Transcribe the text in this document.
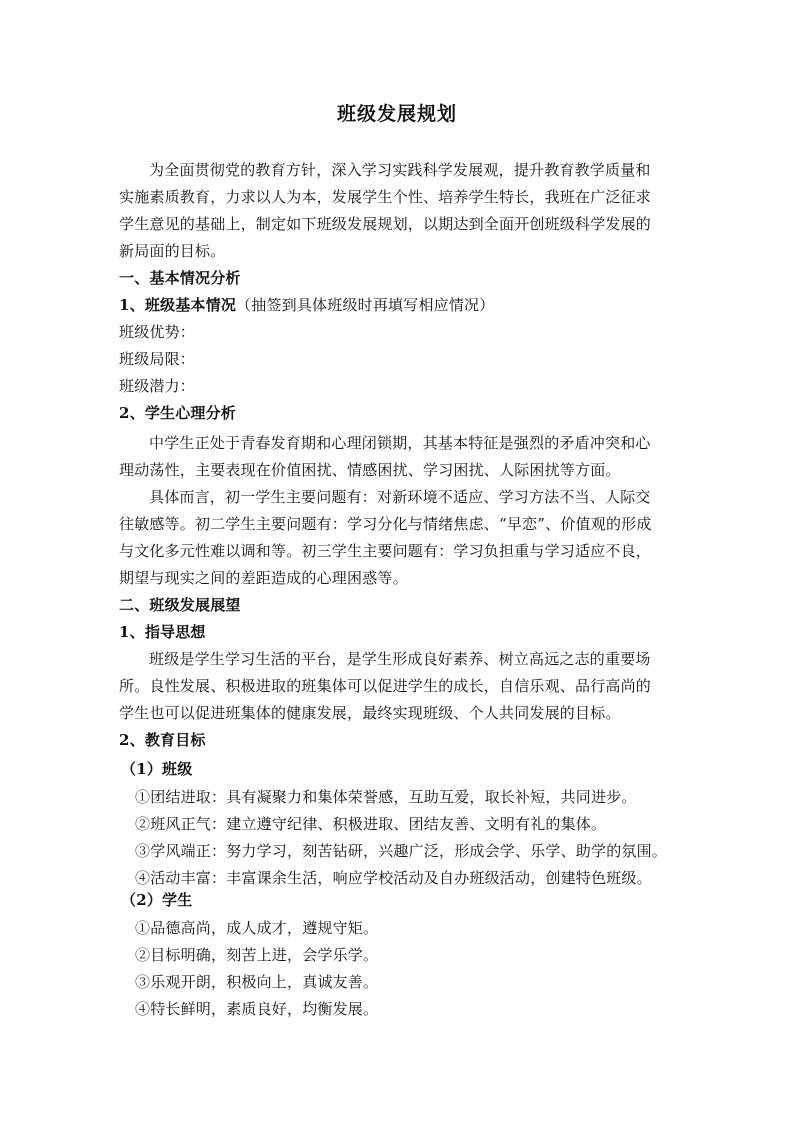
班级发展规划
为全面贯彻党的教育方针，深入学习实践科学发展观，提升教育教学质量和
实施素质教育，力求以人为本，发展学生个性、培养学生特长，我班在广泛征求
学生意见的基础上，制定如下班级发展规划，以期达到全面开创班级科学发展的
新局面的目标。
一、基本情况分析
1、班级基本情况（抽签到具体班级时再填写相应情况）
班级优势：
班级局限：
班级潜力：
2、学生心理分析
中学生正处于青春发育期和心理闭锁期，其基本特征是强烈的矛盾冲突和心
理动荡性，主要表现在价值困扰、情感困扰、学习困扰、人际困扰等方面。
具体而言，初一学生主要问题有：对新环境不适应、学习方法不当、人际交
往敏感等。初二学生主要问题有：学习分化与情绪焦虑、“早恋”、价值观的形成
与文化多元性难以调和等。初三学生主要问题有：学习负担重与学习适应不良，
期望与现实之间的差距造成的心理困惑等。
二、班级发展展望
1、指导思想
班级是学生学习生活的平台，是学生形成良好素养、树立高远之志的重要场
所。良性发展、积极进取的班集体可以促进学生的成长，自信乐观、品行高尚的
学生也可以促进班集体的健康发展，最终实现班级、个人共同发展的目标。
2、教育目标
（1）班级
①团结进取：具有凝聚力和集体荣誉感，互助互爱，取长补短，共同进步。
②班风正气：建立遵守纪律、积极进取、团结友善、文明有礼的集体。
③学风端正：努力学习，刻苦钻研，兴趣广泛，形成会学、乐学、助学的氛围。
④活动丰富：丰富课余生活，响应学校活动及自办班级活动，创建特色班级。
（2）学生
①品德高尚，成人成才，遵规守矩。
②目标明确，刻苦上进，会学乐学。
③乐观开朗，积极向上，真诚友善。
④特长鲜明，素质良好，均衡发展。
